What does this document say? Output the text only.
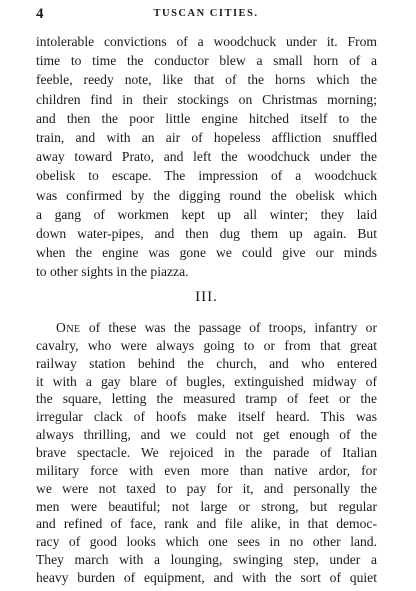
4	TUSCAN CITIES.
intolerable convictions of a woodchuck under it. From
time to time the conductor blew a small horn of a
feeble, reedy note, like that of the horns which the
children find in their stockings on Christmas morning;
and then the poor little engine hitched itself to the
train, and with an air of hopeless affliction snuffled
away toward Prato, and left the woodchuck under the
obelisk to escape. The impression of a woodchuck
was confirmed by the digging round the obelisk which
a gang of workmen kept up all winter; they laid
down water-pipes, and then dug them up again. But
when the engine was gone we could give our minds
to other sights in the piazza.
III.
One of these was the passage of troops, infantry or
cavalry, who were always going to or from that great
railway station behind the church, and who entered
it with a gay blare of bugles, extinguished midway of
the square, letting the measured tramp of feet or the
irregular clack of hoofs make itself heard. This was
always thrilling, and we could not get enough of the
brave spectacle. We rejoiced in the parade of Italian
military force with even more than native ardor, for
we were not taxed to pay for it, and personally the
men were beautiful; not large or strong, but regular
and refined of face, rank and file alike, in that democ-
racy of good looks which one sees in no other land.
They march with a lounging, swinging step, under a
heavy burden of equipment, and with the sort of quiet
